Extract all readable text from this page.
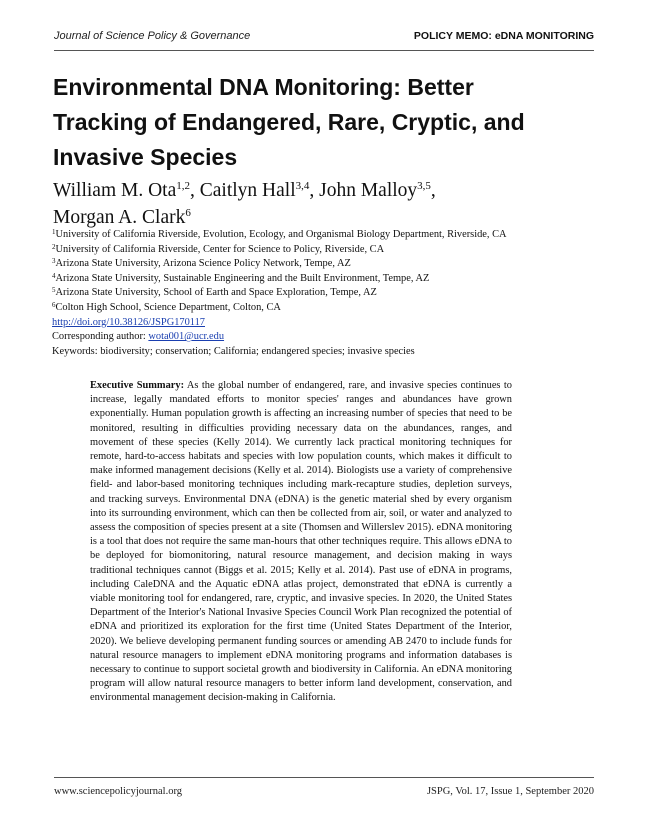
Journal of Science Policy & Governance	POLICY MEMO: eDNA MONITORING
Environmental DNA Monitoring: Better Tracking of Endangered, Rare, Cryptic, and Invasive Species
William M. Ota$^{1,2}$, Caitlyn Hall$^{3,4}$, John Malloy$^{3,5}$,
Morgan A. Clark$^6$
$^1$University of California Riverside, Evolution, Ecology, and Organismal Biology Department, Riverside, CA
$^2$University of California Riverside, Center for Science to Policy, Riverside, CA
$^3$Arizona State University, Arizona Science Policy Network, Tempe, AZ
$^4$Arizona State University, Sustainable Engineering and the Built Environment, Tempe, AZ
$^5$Arizona State University, School of Earth and Space Exploration, Tempe, AZ
$^6$Colton High School, Science Department, Colton, CA
http://doi.org/10.38126/JSPG170117
Corresponding author: wota001@ucr.edu
Keywords: biodiversity; conservation; California; endangered species; invasive species

Executive Summary: As the global number of endangered, rare, and invasive species continues to increase, legally mandated efforts to monitor species' ranges and abundances have grown exponentially. Human population growth is affecting an increasing number of species that need to be monitored, resulting in difficulties providing necessary data on the abundances, ranges, and movement of these species (Kelly 2014). We currently lack practical monitoring techniques for remote, hard-to-access habitats and species with low population counts, which makes it difficult to make informed management decisions (Kelly et al. 2014). Biologists use a variety of comprehensive field- and labor-based monitoring techniques including mark-recapture studies, depletion surveys, and tracking surveys. Environmental DNA (eDNA) is the genetic material shed by every organism into its surrounding environment, which can then be collected from air, soil, or water and analyzed to assess the composition of species present at a site (Thomsen and Willerslev 2015). eDNA monitoring is a tool that does not require the same man-hours that other techniques require. This allows eDNA to be deployed for biomonitoring, natural resource management, and decision making in ways traditional techniques cannot (Biggs et al. 2015; Kelly et al. 2014). Past use of eDNA in programs, including CaleDNA and the Aquatic eDNA atlas project, demonstrated that eDNA is currently a viable monitoring tool for endangered, rare, cryptic, and invasive species. In 2020, the United States Department of the Interior's National Invasive Species Council Work Plan recognized the potential of eDNA and prioritized its exploration for the first time (United States Department of the Interior, 2020). We believe developing permanent funding sources or amending AB 2470 to include funds for natural resource managers to implement eDNA monitoring programs and information databases is necessary to continue to support societal growth and biodiversity in California. An eDNA monitoring program will allow natural resource managers to better inform land development, conservation, and environmental management decision-making in California.

www.sciencepolicyjournal.org	JSPG, Vol. 17, Issue 1, September 2020
